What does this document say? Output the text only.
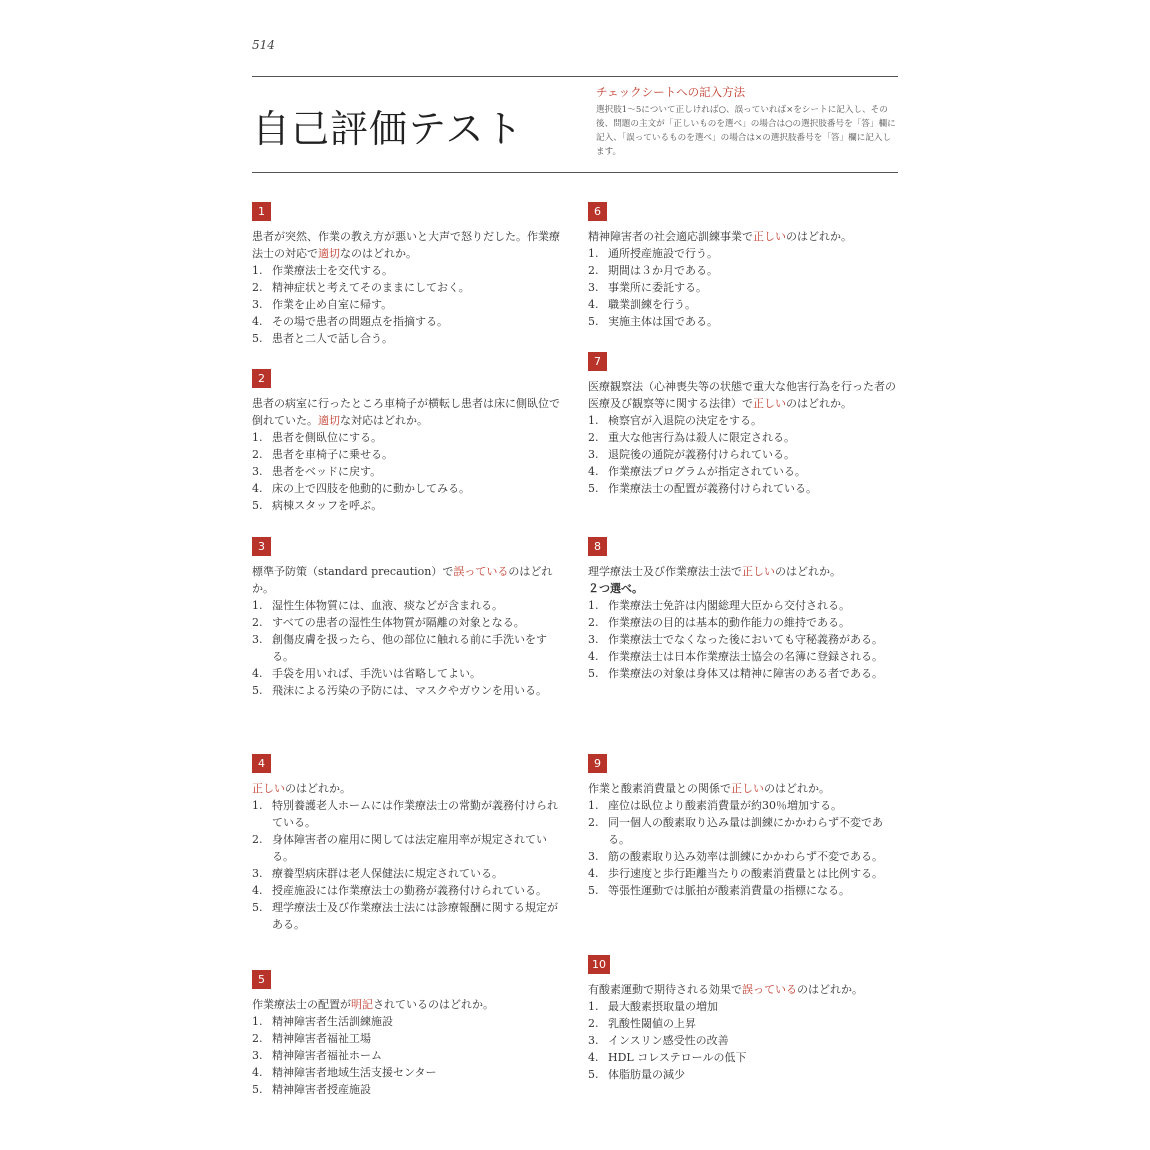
514
自己評価テスト
チェックシートへの記入方法
選択肢1～5について正しければ○、誤っていれば×をシートに記入し、その後、問題の主文が「正しいものを選べ」の場合は○の選択肢番号を「答」欄に記入、「誤っているものを選べ」の場合は×の選択肢番号を「答」欄に記入します。
1
患者が突然、作業の教え方が悪いと大声で怒りだした。作業療法士の対応で適切なのはどれか。
1. 作業療法士を交代する。
2. 精神症状と考えてそのままにしておく。
3. 作業を止め自室に帰す。
4. その場で患者の問題点を指摘する。
5. 患者と二人で話し合う。
2
患者の病室に行ったところ車椅子が横転し患者は床に側臥位で倒れていた。適切な対応はどれか。
1. 患者を側臥位にする。
2. 患者を車椅子に乗せる。
3. 患者をベッドに戻す。
4. 床の上で四肢を他動的に動かしてみる。
5. 病棟スタッフを呼ぶ。
3
標準予防策（standard precaution）で誤っているのはどれか。
1. 湿性生体物質には、血液、痰などが含まれる。
2. すべての患者の湿性生体物質が隔離の対象となる。
3. 創傷皮膚を扱ったら、他の部位に触れる前に手洗いをする。
4. 手袋を用いれば、手洗いは省略してよい。
5. 飛沫による汚染の予防には、マスクやガウンを用いる。
4
正しいのはどれか。
1. 特別養護老人ホームには作業療法士の常勤が義務付けられている。
2. 身体障害者の雇用に関しては法定雇用率が規定されている。
3. 療養型病床群は老人保健法に規定されている。
4. 授産施設には作業療法士の勤務が義務付けられている。
5. 理学療法士及び作業療法士法には診療報酬に関する規定がある。
5
作業療法士の配置が明記されているのはどれか。
1. 精神障害者生活訓練施設
2. 精神障害者福祉工場
3. 精神障害者福祉ホーム
4. 精神障害者地域生活支援センター
5. 精神障害者授産施設
6
精神障害者の社会適応訓練事業で正しいのはどれか。
1. 通所授産施設で行う。
2. 期間は３か月である。
3. 事業所に委託する。
4. 職業訓練を行う。
5. 実施主体は国である。
7
医療観察法（心神喪失等の状態で重大な他害行為を行った者の医療及び観察等に関する法律）で正しいのはどれか。
1. 検察官が入退院の決定をする。
2. 重大な他害行為は殺人に限定される。
3. 退院後の通院が義務付けられている。
4. 作業療法プログラムが指定されている。
5. 作業療法士の配置が義務付けられている。
8
理学療法士及び作業療法士法で正しいのはどれか。
２つ選べ。
1. 作業療法士免許は内閣総理大臣から交付される。
2. 作業療法の目的は基本的動作能力の維持である。
3. 作業療法士でなくなった後においても守秘義務がある。
4. 作業療法士は日本作業療法士協会の名簿に登録される。
5. 作業療法の対象は身体又は精神に障害のある者である。
9
作業と酸素消費量との関係で正しいのはどれか。
1. 座位は臥位より酸素消費量が約30％増加する。
2. 同一個人の酸素取り込み量は訓練にかかわらず不変である。
3. 筋の酸素取り込み効率は訓練にかかわらず不変である。
4. 歩行速度と歩行距離当たりの酸素消費量とは比例する。
5. 等張性運動では脈拍が酸素消費量の指標になる。
10
有酸素運動で期待される効果で誤っているのはどれか。
1. 最大酸素摂取量の増加
2. 乳酸性閾値の上昇
3. インスリン感受性の改善
4. HDL コレステロールの低下
5. 体脂肪量の減少
